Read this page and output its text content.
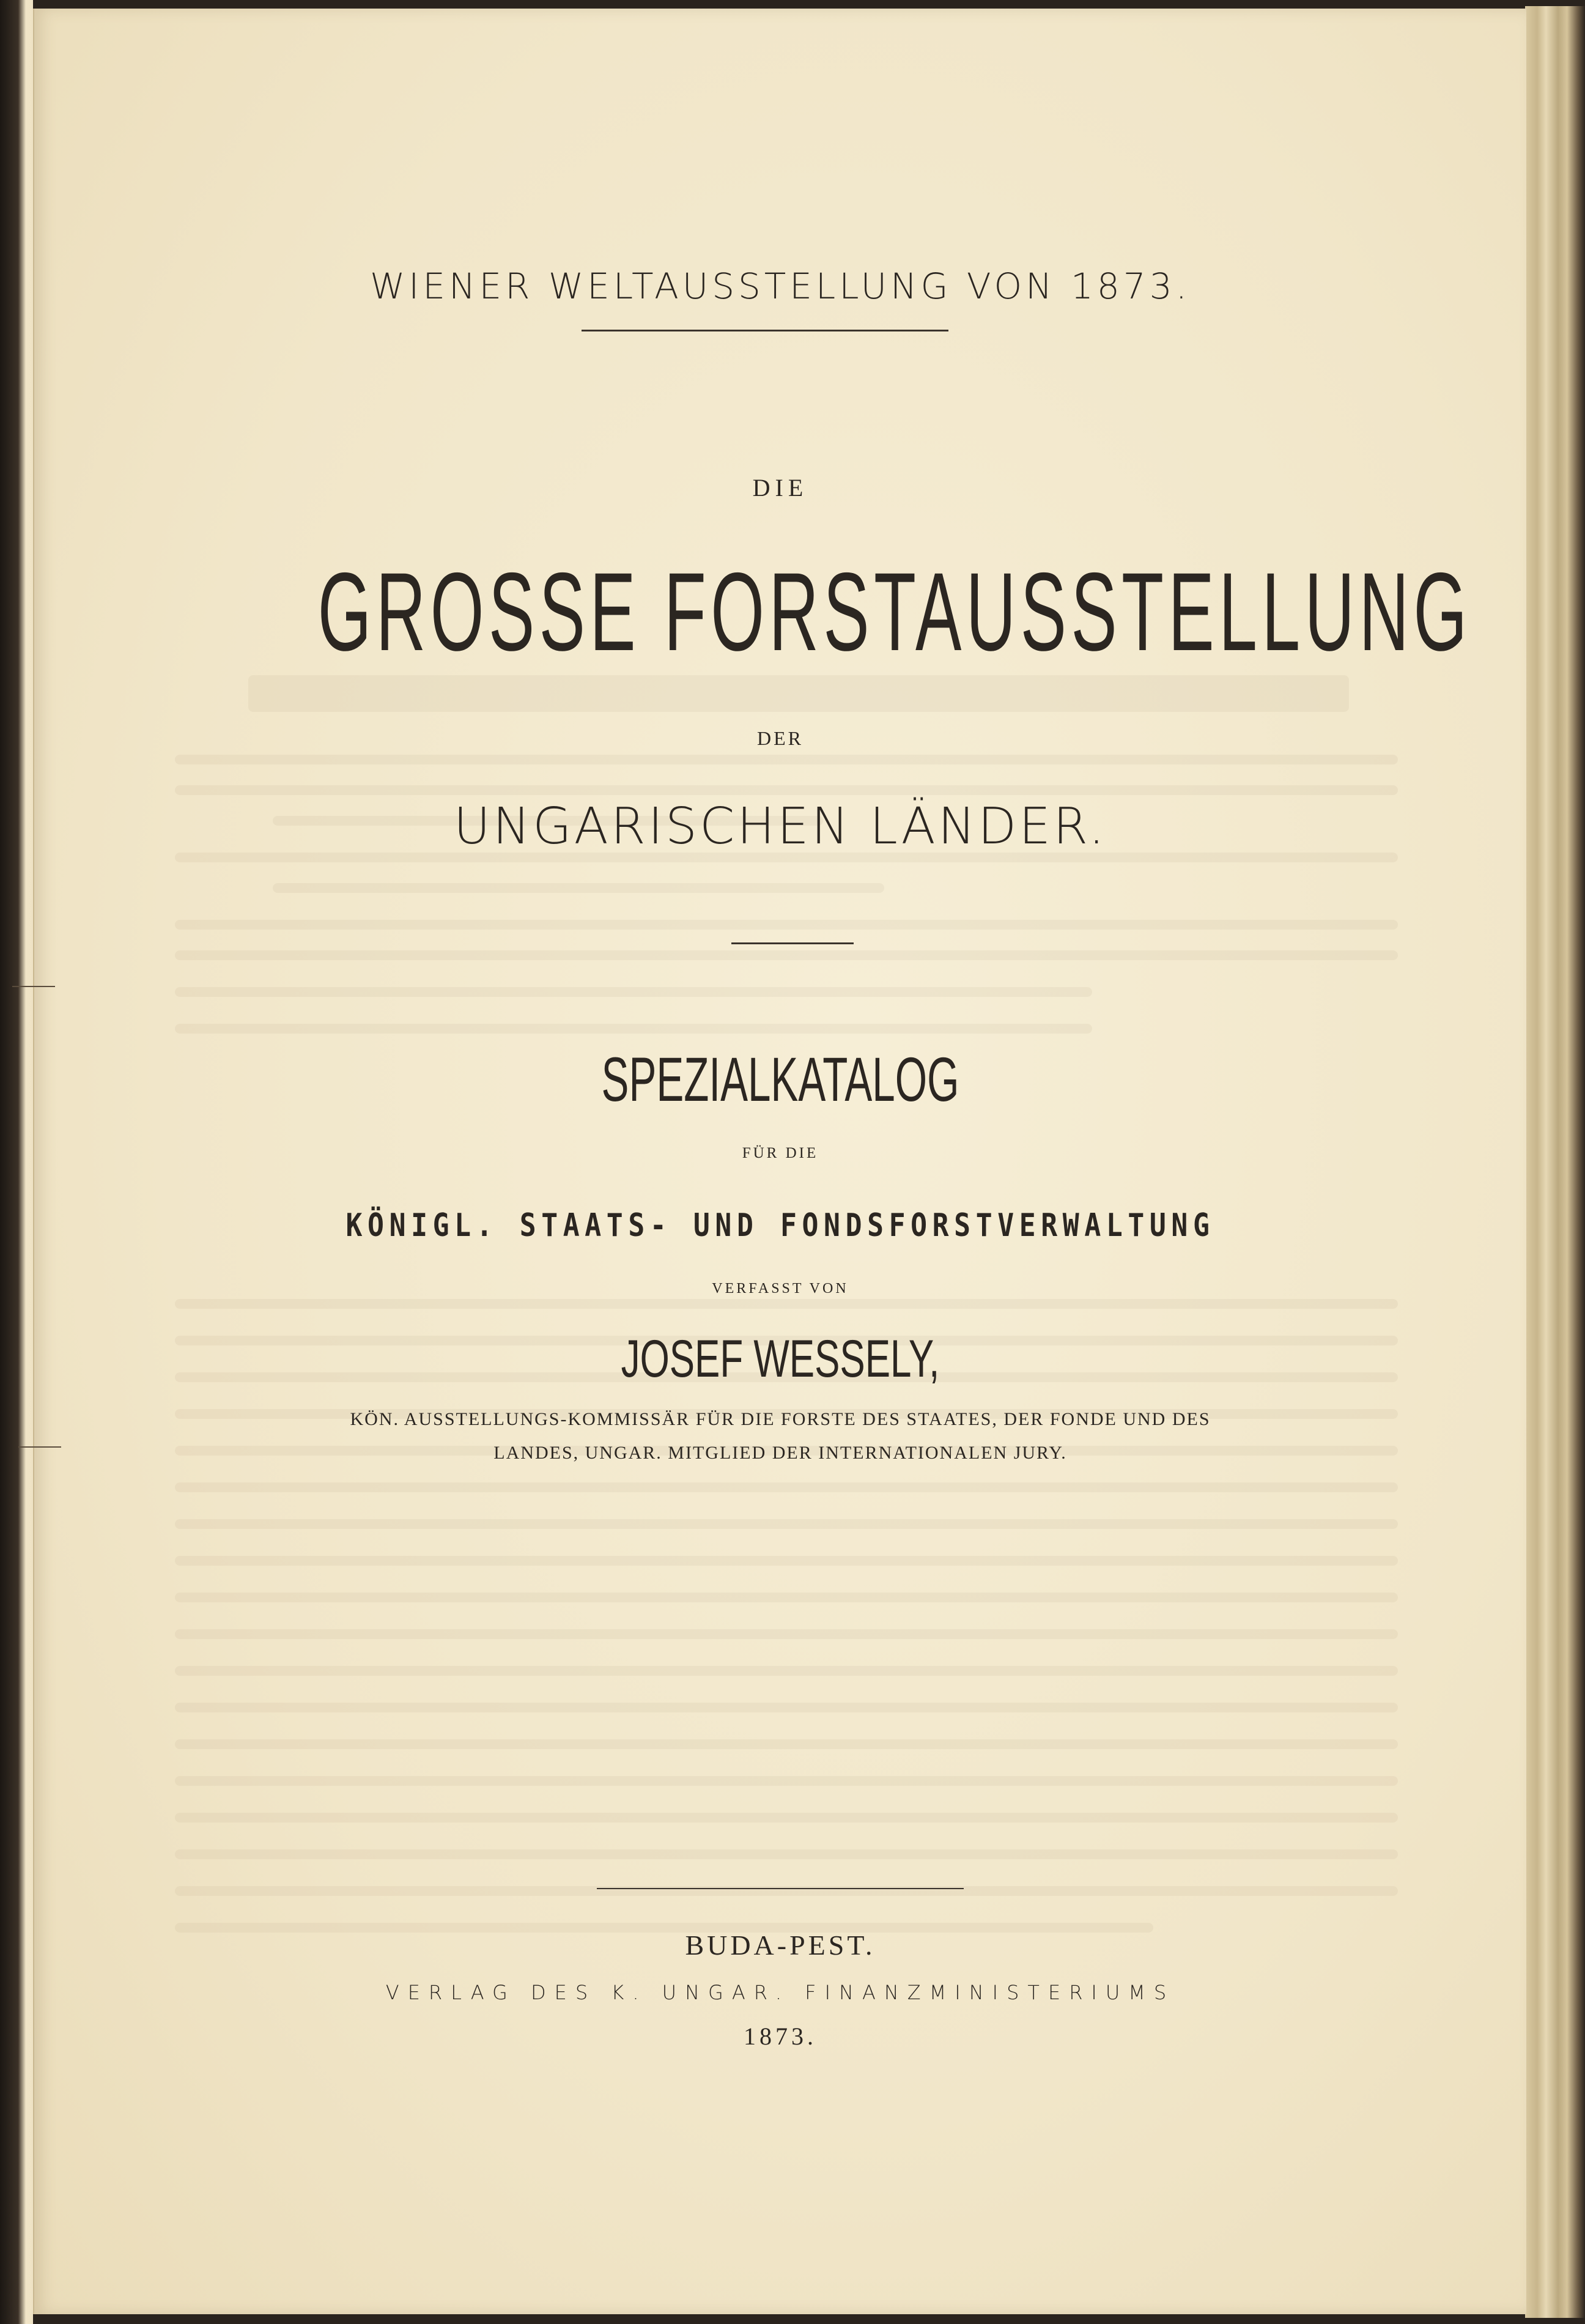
WIENER WELTAUSSTELLUNG VON 1873.
DIE
GROSSE FORSTAUSSTELLUNG
DER
UNGARISCHEN LÄNDER.
SPEZIALKATALOG
FÜR DIE
KÖNIGL. STAATS- UND FONDSFORSTVERWALTUNG
VERFASST VON
JOSEF WESSELY,
KÖN. AUSSTELLUNGS-KOMMISSÄR FÜR DIE FORSTE DES STAATES, DER FONDE UND DES
LANDES, UNGAR. MITGLIED DER INTERNATIONALEN JURY.
BUDA-PEST.
VERLAG DES K. UNGAR. FINANZMINISTERIUMS
1873.
